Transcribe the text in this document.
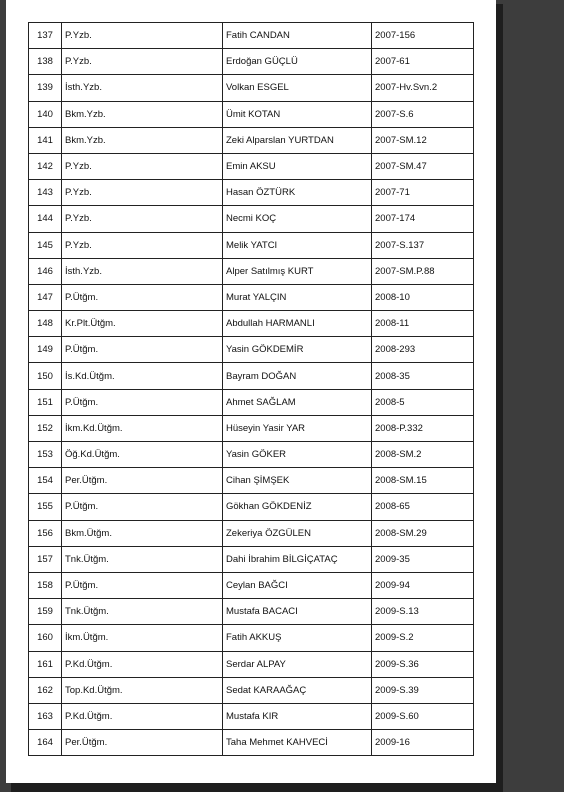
137	P.Yzb.	Fatih CANDAN	2007-156
138	P.Yzb.	Erdoğan GÜÇLÜ	2007-61
139	İsth.Yzb.	Volkan ESGEL	2007-Hv.Svn.2
140	Bkm.Yzb.	Ümit KOTAN	2007-S.6
141	Bkm.Yzb.	Zeki Alparslan YURTDAN	2007-SM.12
142	P.Yzb.	Emin AKSU	2007-SM.47
143	P.Yzb.	Hasan ÖZTÜRK	2007-71
144	P.Yzb.	Necmi KOÇ	2007-174
145	P.Yzb.	Melik YATCI	2007-S.137
146	İsth.Yzb.	Alper Satılmış KURT	2007-SM.P.88
147	P.Ütğm.	Murat YALÇIN	2008-10
148	Kr.Plt.Ütğm.	Abdullah HARMANLI	2008-11
149	P.Ütğm.	Yasin GÖKDEMİR	2008-293
150	İs.Kd.Ütğm.	Bayram DOĞAN	2008-35
151	P.Ütğm.	Ahmet SAĞLAM	2008-5
152	İkm.Kd.Ütğm.	Hüseyin Yasir YAR	2008-P.332
153	Öğ.Kd.Ütğm.	Yasin GÖKER	2008-SM.2
154	Per.Ütğm.	Cihan ŞİMŞEK	2008-SM.15
155	P.Ütğm.	Gökhan GÖKDENİZ	2008-65
156	Bkm.Ütğm.	Zekeriya ÖZGÜLEN	2008-SM.29
157	Tnk.Ütğm.	Dahi İbrahim BİLGİÇATAÇ	2009-35
158	P.Ütğm.	Ceylan BAĞCI	2009-94
159	Tnk.Ütğm.	Mustafa BACACI	2009-S.13
160	İkm.Ütğm.	Fatih AKKUŞ	2009-S.2
161	P.Kd.Ütğm.	Serdar ALPAY	2009-S.36
162	Top.Kd.Ütğm.	Sedat KARAAĞAÇ	2009-S.39
163	P.Kd.Ütğm.	Mustafa KIR	2009-S.60
164	Per.Ütğm.	Taha Mehmet KAHVECİ	2009-16
